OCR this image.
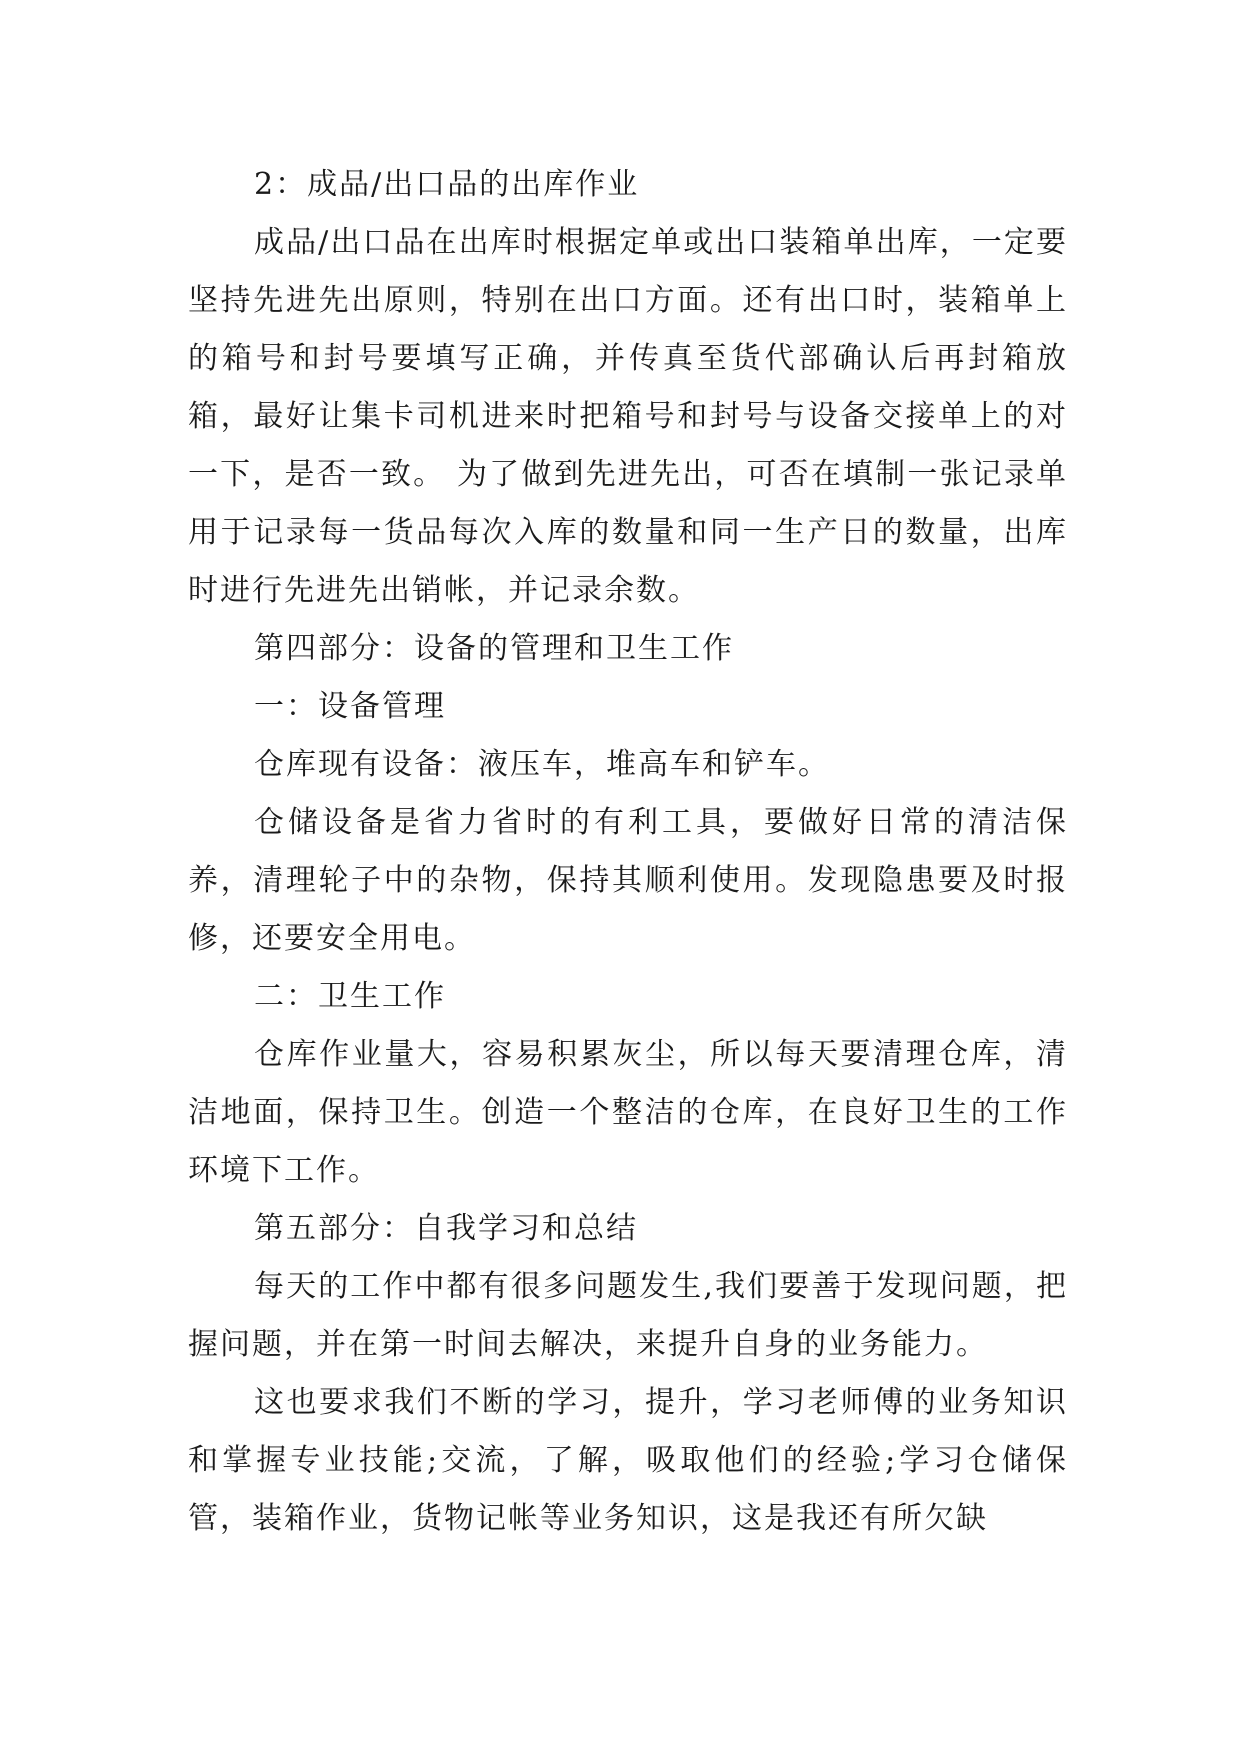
2：成品/出口品的出库作业

成品/出口品在出库时根据定单或出口装箱单出库，一定要坚持先进先出原则，特别在出口方面。还有出口时，装箱单上的箱号和封号要填写正确，并传真至货代部确认后再封箱放箱，最好让集卡司机进来时把箱号和封号与设备交接单上的对一下，是否一致。 为了做到先进先出，可否在填制一张记录单用于记录每一货品每次入库的数量和同一生产日的数量，出库时进行先进先出销帐，并记录余数。

第四部分：设备的管理和卫生工作

一：设备管理

仓库现有设备：液压车，堆高车和铲车。

仓储设备是省力省时的有利工具，要做好日常的清洁保养，清理轮子中的杂物，保持其顺利使用。发现隐患要及时报修，还要安全用电。

二：卫生工作

仓库作业量大，容易积累灰尘，所以每天要清理仓库，清洁地面，保持卫生。创造一个整洁的仓库，在良好卫生的工作环境下工作。

第五部分：自我学习和总结

每天的工作中都有很多问题发生,我们要善于发现问题，把握问题，并在第一时间去解决，来提升自身的业务能力。

这也要求我们不断的学习，提升，学习老师傅的业务知识和掌握专业技能;交流，了解，吸取他们的经验;学习仓储保管，装箱作业，货物记帐等业务知识，这是我还有所欠缺
